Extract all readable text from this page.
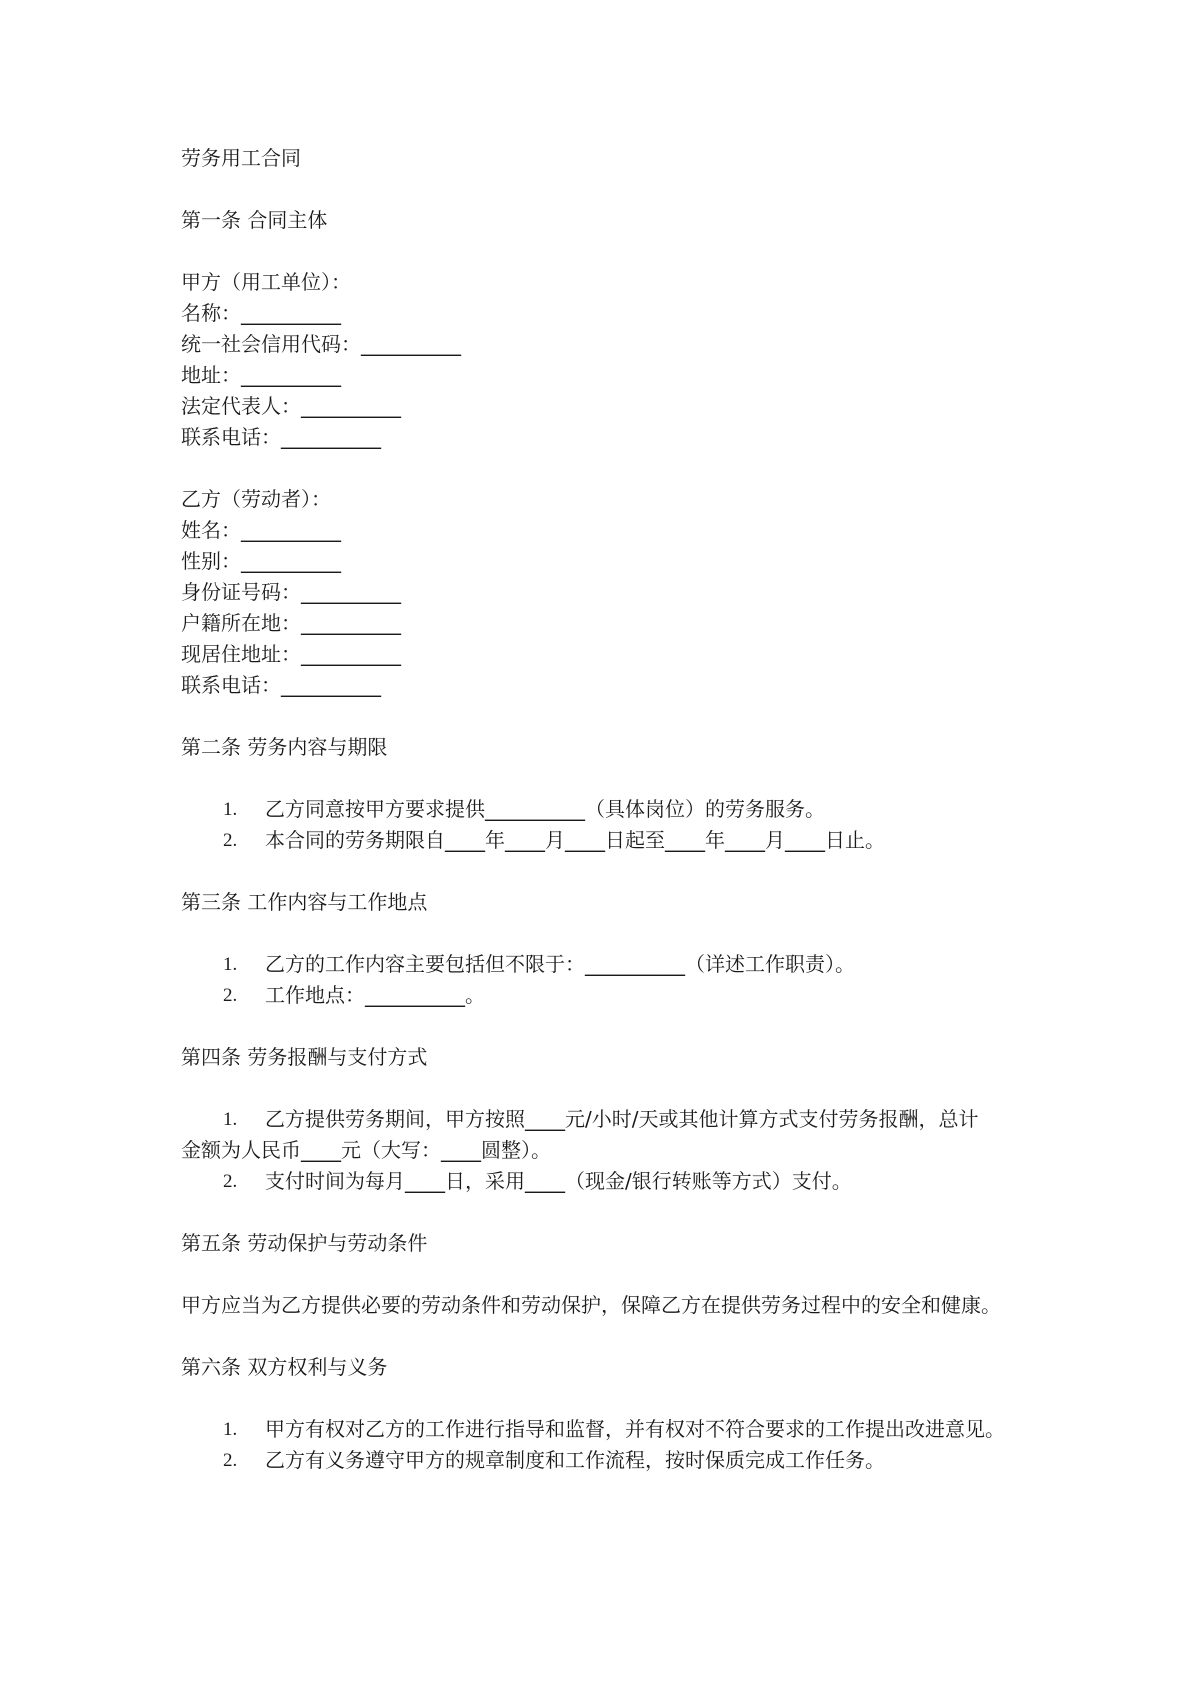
劳务用工合同
第一条 合同主体
甲方（用工单位）：
名称：__________
统一社会信用代码：__________
地址：__________
法定代表人：__________
联系电话：__________
乙方（劳动者）：
姓名：__________
性别：__________
身份证号码：__________
户籍所在地：__________
现居住地址：__________
联系电话：__________
第二条 劳务内容与期限
1. 乙方同意按甲方要求提供__________（具体岗位）的劳务服务。
2. 本合同的劳务期限自____年____月____日起至____年____月____日止。
第三条 工作内容与工作地点
1. 乙方的工作内容主要包括但不限于：__________（详述工作职责）。
2. 工作地点：__________。
第四条 劳务报酬与支付方式
1. 乙方提供劳务期间，甲方按照____元/小时/天或其他计算方式支付劳务报酬，总计
金额为人民币____元（大写：____圆整）。
2. 支付时间为每月____日，采用____（现金/银行转账等方式）支付。
第五条 劳动保护与劳动条件
甲方应当为乙方提供必要的劳动条件和劳动保护，保障乙方在提供劳务过程中的安全和健康。
第六条 双方权利与义务
1. 甲方有权对乙方的工作进行指导和监督，并有权对不符合要求的工作提出改进意见。
2. 乙方有义务遵守甲方的规章制度和工作流程，按时保质完成工作任务。
